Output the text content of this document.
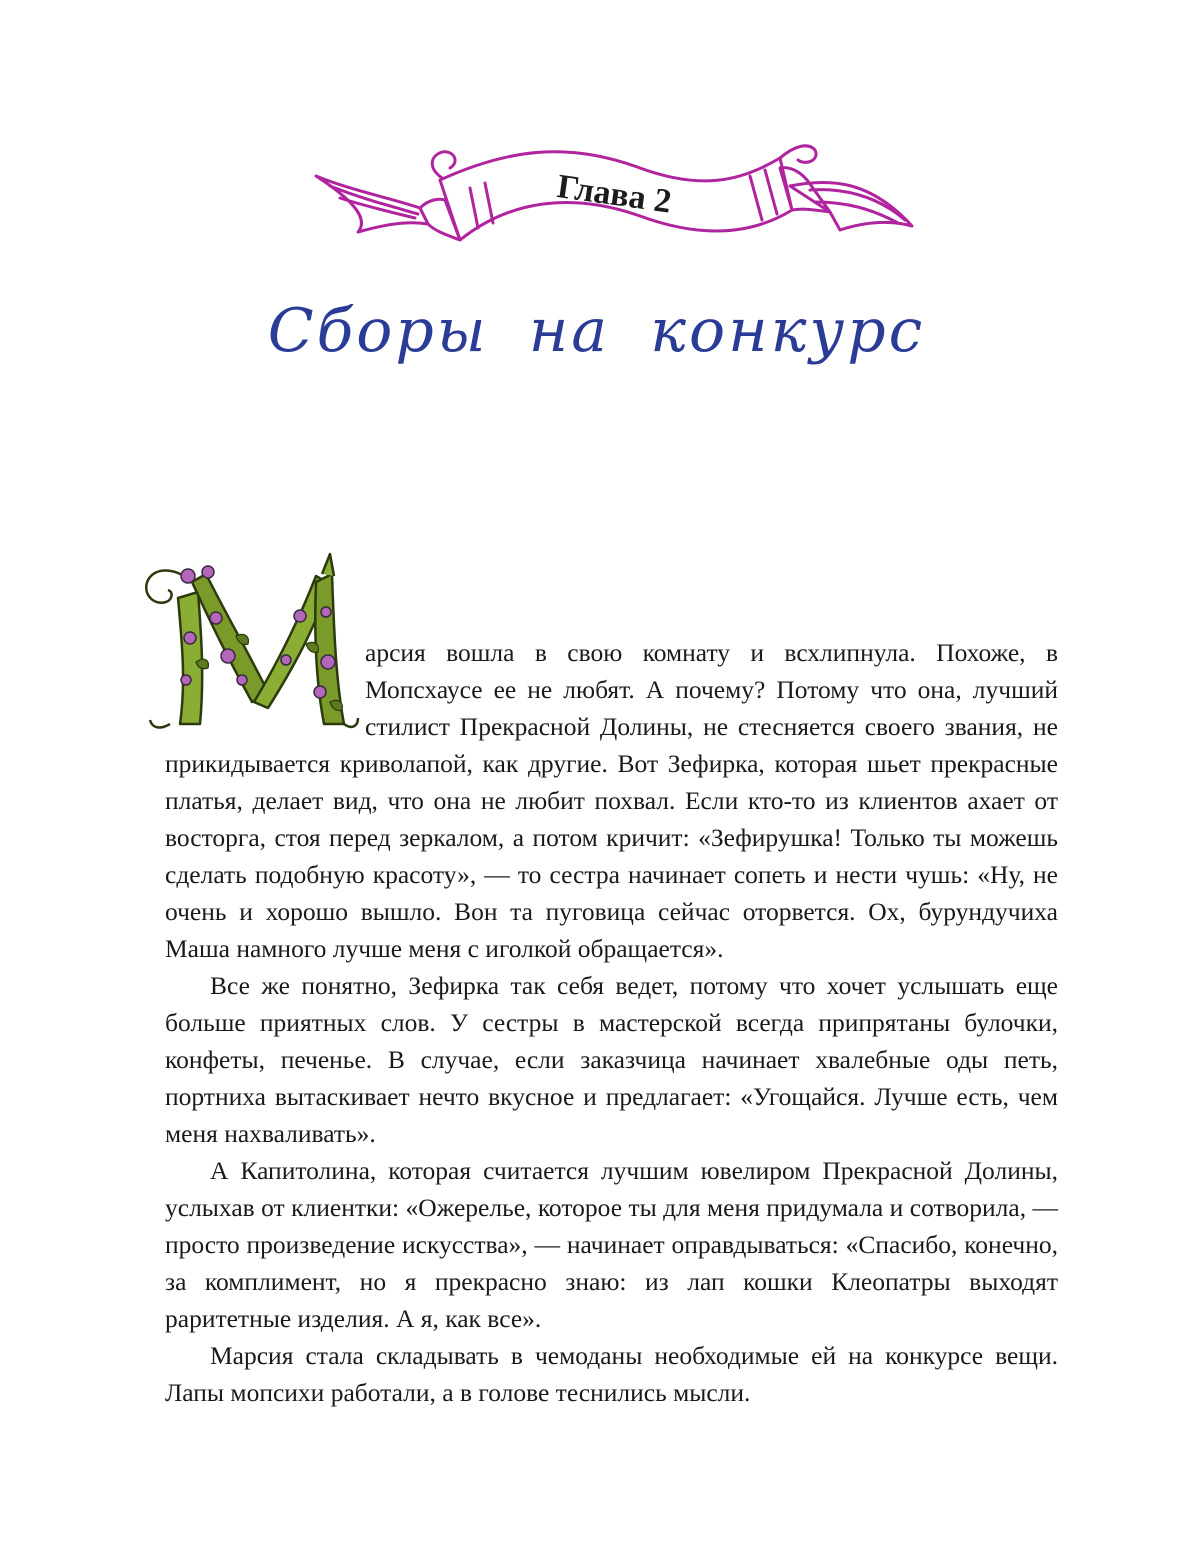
Глава 2
Сборы на конкурс

арсия вошла в свою комнату и всхлипнула. Похоже, в Мопсхаусе ее не любят. А почему? Потому что она, лучший стилист Прекрасной Долины, не стесняется своего звания, не прикидывается криволапой, как другие. Вот Зефирка, которая шьет прекрасные платья, делает вид, что она не любит похвал. Если кто-то из клиентов ахает от восторга, стоя перед зеркалом, а потом кричит: «Зефирушка! Только ты можешь сделать подобную красоту», — то сестра начинает сопеть и нести чушь: «Ну, не очень и хорошо вышло. Вон та пуговица сейчас оторвется. Ох, бурундучиха Маша намного лучше меня с иголкой обращается».

Все же понятно, Зефирка так себя ведет, потому что хочет услышать еще больше приятных слов. У сестры в мастерской всегда припрятаны булочки, конфеты, печенье. В случае, если заказчица начинает хвалебные оды петь, портниха вытаскивает нечто вкусное и предлагает: «Угощайся. Лучше есть, чем меня нахваливать».

А Капитолина, которая считается лучшим ювелиром Прекрасной Долины, услыхав от клиентки: «Ожерелье, которое ты для меня придумала и сотворила, — просто произведение искусства», — начинает оправдываться: «Спасибо, конечно, за комплимент, но я прекрасно знаю: из лап кошки Клеопатры выходят раритетные изделия. А я, как все».

Марсия стала складывать в чемоданы необходимые ей на конкурсе вещи. Лапы мопсихи работали, а в голове теснились мысли.
